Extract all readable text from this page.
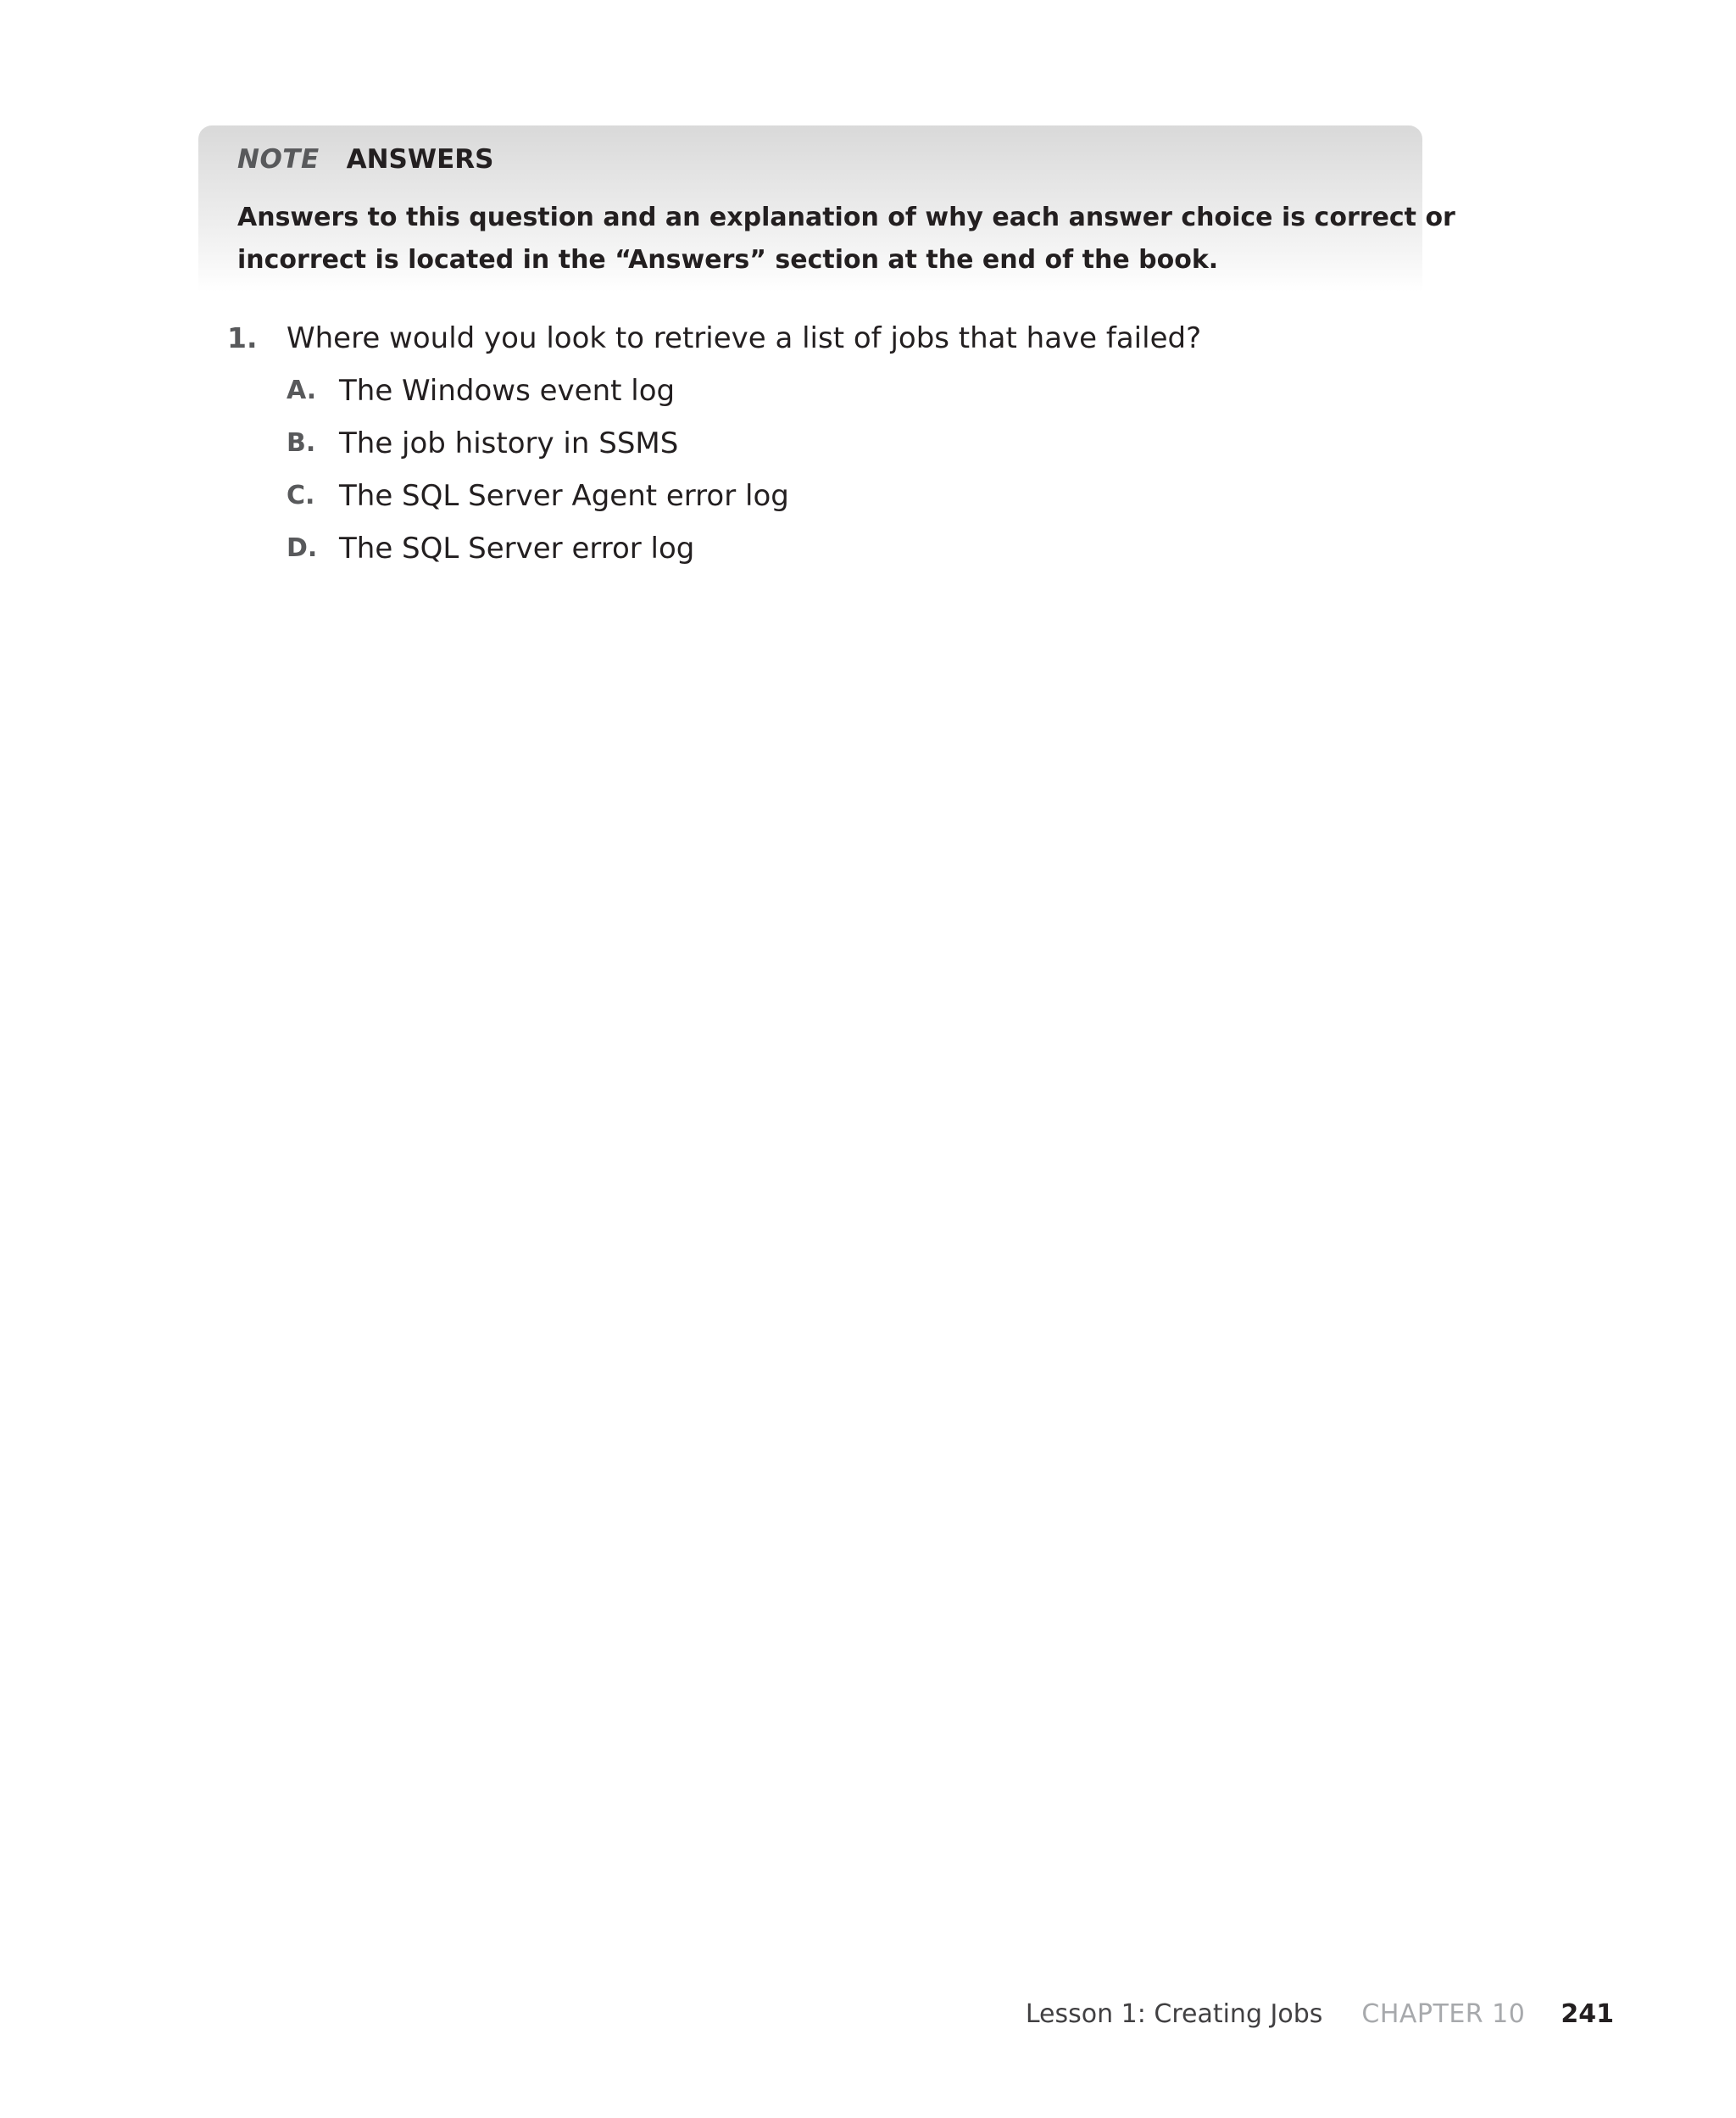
NOTE ANSWERS
Answers to this question and an explanation of why each answer choice is correct or
incorrect is located in the “Answers” section at the end of the book.
1. Where would you look to retrieve a list of jobs that have failed?
A. The Windows event log
B. The job history in SSMS
C. The SQL Server Agent error log
D. The SQL Server error log
Lesson 1: Creating Jobs CHAPTER 10 241
